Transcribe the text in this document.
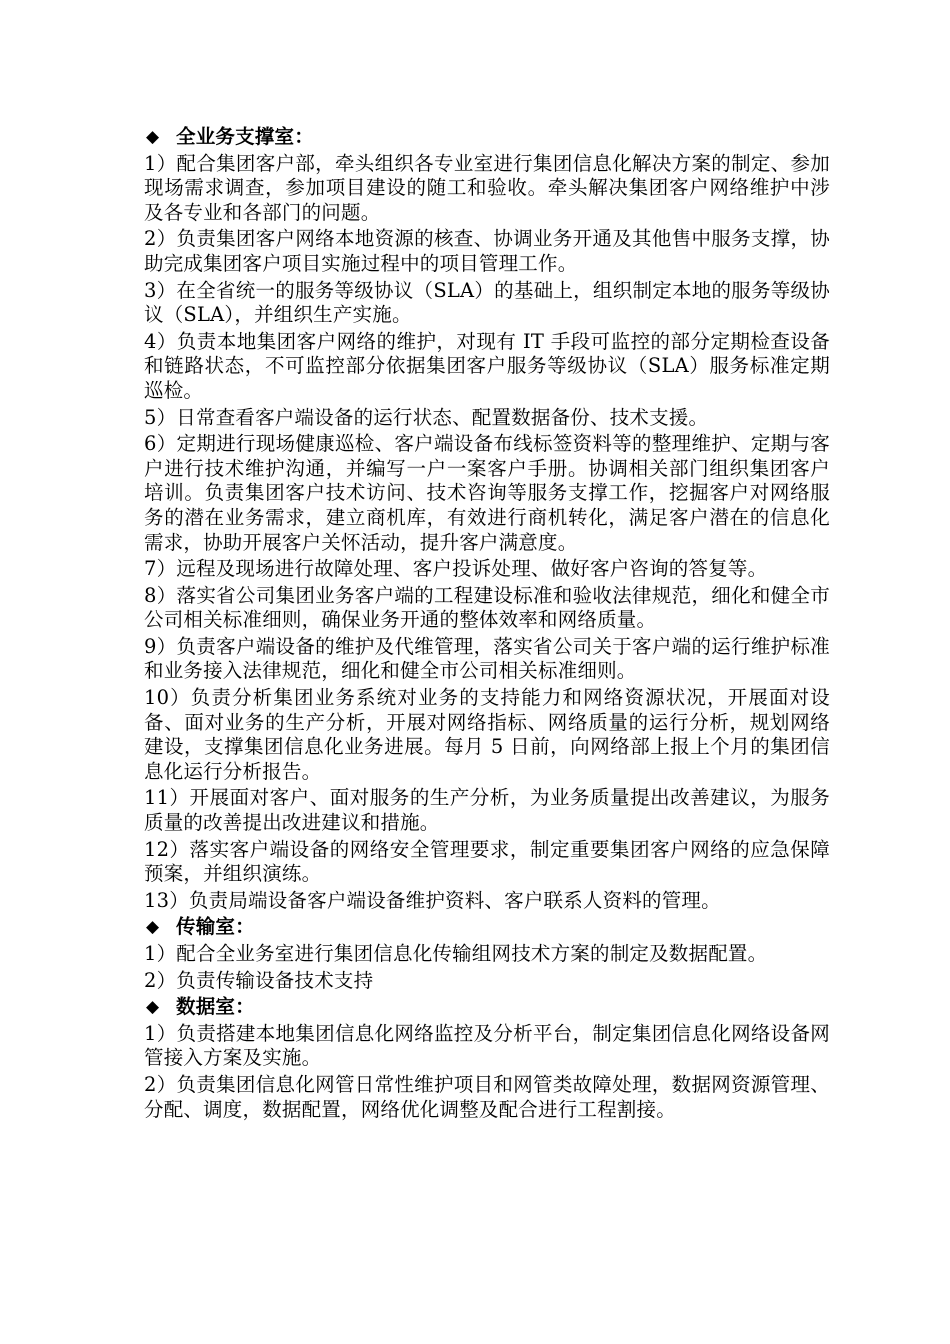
◆ 全业务支撑室：
1）配合集团客户部，牵头组织各专业室进行集团信息化解决方案的制定、参加现场需求调查，参加项目建设的随工和验收。牵头解决集团客户网络维护中涉及各专业和各部门的问题。
2）负责集团客户网络本地资源的核查、协调业务开通及其他售中服务支撑，协助完成集团客户项目实施过程中的项目管理工作。
3）在全省统一的服务等级协议（SLA）的基础上，组织制定本地的服务等级协议（SLA），并组织生产实施。
4）负责本地集团客户网络的维护，对现有 IT 手段可监控的部分定期检查设备和链路状态，不可监控部分依据集团客户服务等级协议（SLA）服务标准定期巡检。
5）日常查看客户端设备的运行状态、配置数据备份、技术支援。
6）定期进行现场健康巡检、客户端设备布线标签资料等的整理维护、定期与客户进行技术维护沟通，并编写一户一案客户手册。协调相关部门组织集团客户培训。负责集团客户技术访问、技术咨询等服务支撑工作，挖掘客户对网络服务的潜在业务需求，建立商机库，有效进行商机转化，满足客户潜在的信息化需求，协助开展客户关怀活动，提升客户满意度。
7）远程及现场进行故障处理、客户投诉处理、做好客户咨询的答复等。
8）落实省公司集团业务客户端的工程建设标准和验收法律规范，细化和健全市公司相关标准细则，确保业务开通的整体效率和网络质量。
9）负责客户端设备的维护及代维管理，落实省公司关于客户端的运行维护标准和业务接入法律规范，细化和健全市公司相关标准细则。
10）负责分析集团业务系统对业务的支持能力和网络资源状况，开展面对设备、面对业务的生产分析，开展对网络指标、网络质量的运行分析，规划网络建设，支撑集团信息化业务进展。每月 5 日前，向网络部上报上个月的集团信息化运行分析报告。
11）开展面对客户、面对服务的生产分析，为业务质量提出改善建议，为服务质量的改善提出改进建议和措施。
12）落实客户端设备的网络安全管理要求，制定重要集团客户网络的应急保障预案，并组织演练。
13）负责局端设备客户端设备维护资料、客户联系人资料的管理。
◆ 传输室：
1）配合全业务室进行集团信息化传输组网技术方案的制定及数据配置。
2）负责传输设备技术支持
◆ 数据室：
1）负责搭建本地集团信息化网络监控及分析平台，制定集团信息化网络设备网管接入方案及实施。
2）负责集团信息化网管日常性维护项目和网管类故障处理，数据网资源管理、分配、调度，数据配置，网络优化调整及配合进行工程割接。
